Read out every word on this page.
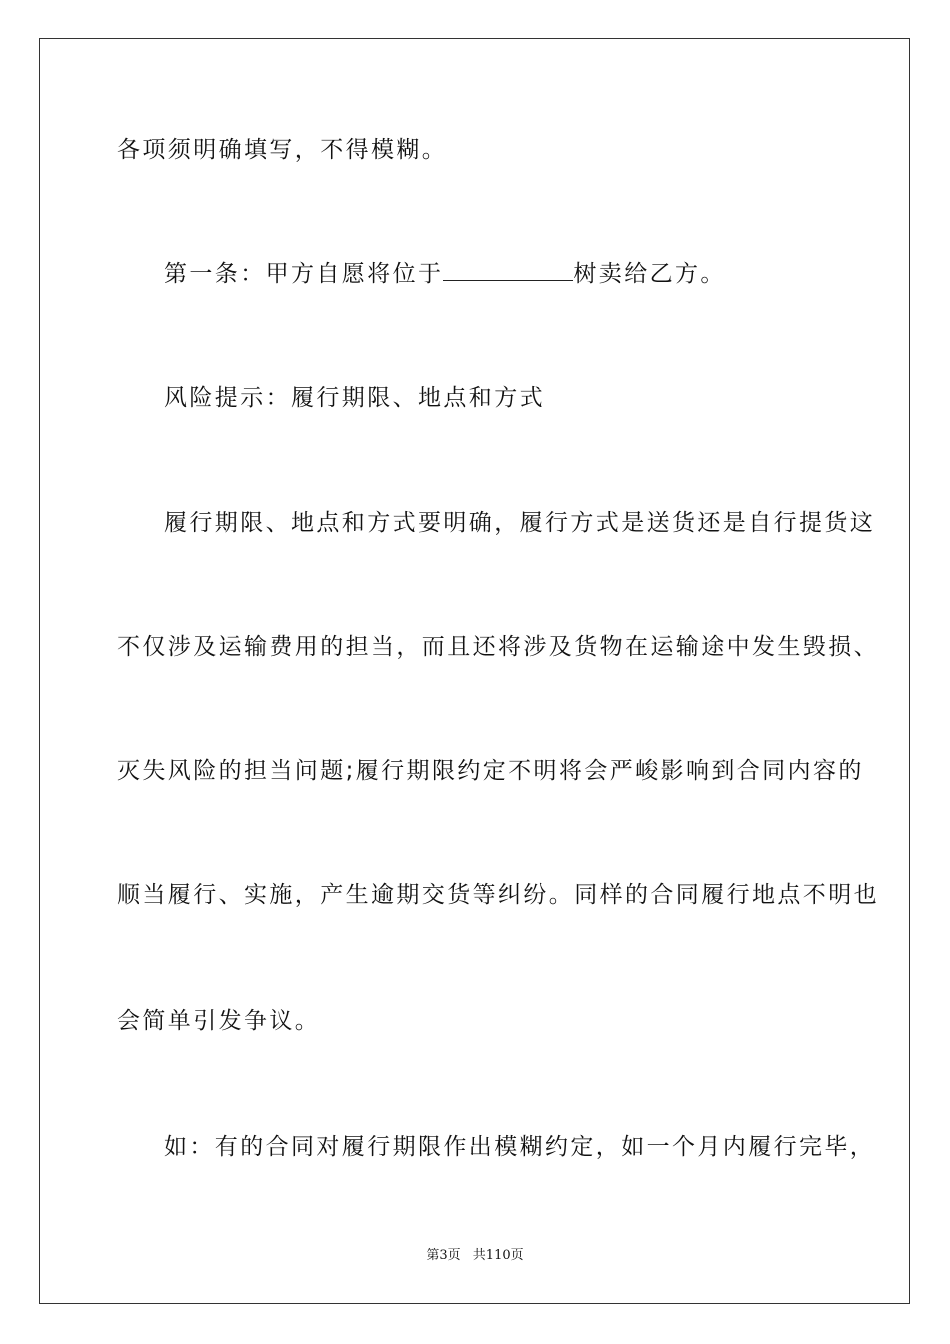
各项须明确填写，不得模糊。
第一条：甲方自愿将位于	树卖给乙方。
风险提示：履行期限、地点和方式
履行期限、地点和方式要明确，履行方式是送货还是自行提货这
不仅涉及运输费用的担当，而且还将涉及货物在运输途中发生毁损、
灭失风险的担当问题;履行期限约定不明将会严峻影响到合同内容的
顺当履行、实施，产生逾期交货等纠纷。同样的合同履行地点不明也
会简单引发争议。
如：有的合同对履行期限作出模糊约定，如一个月内履行完毕，
第3页 共110页
